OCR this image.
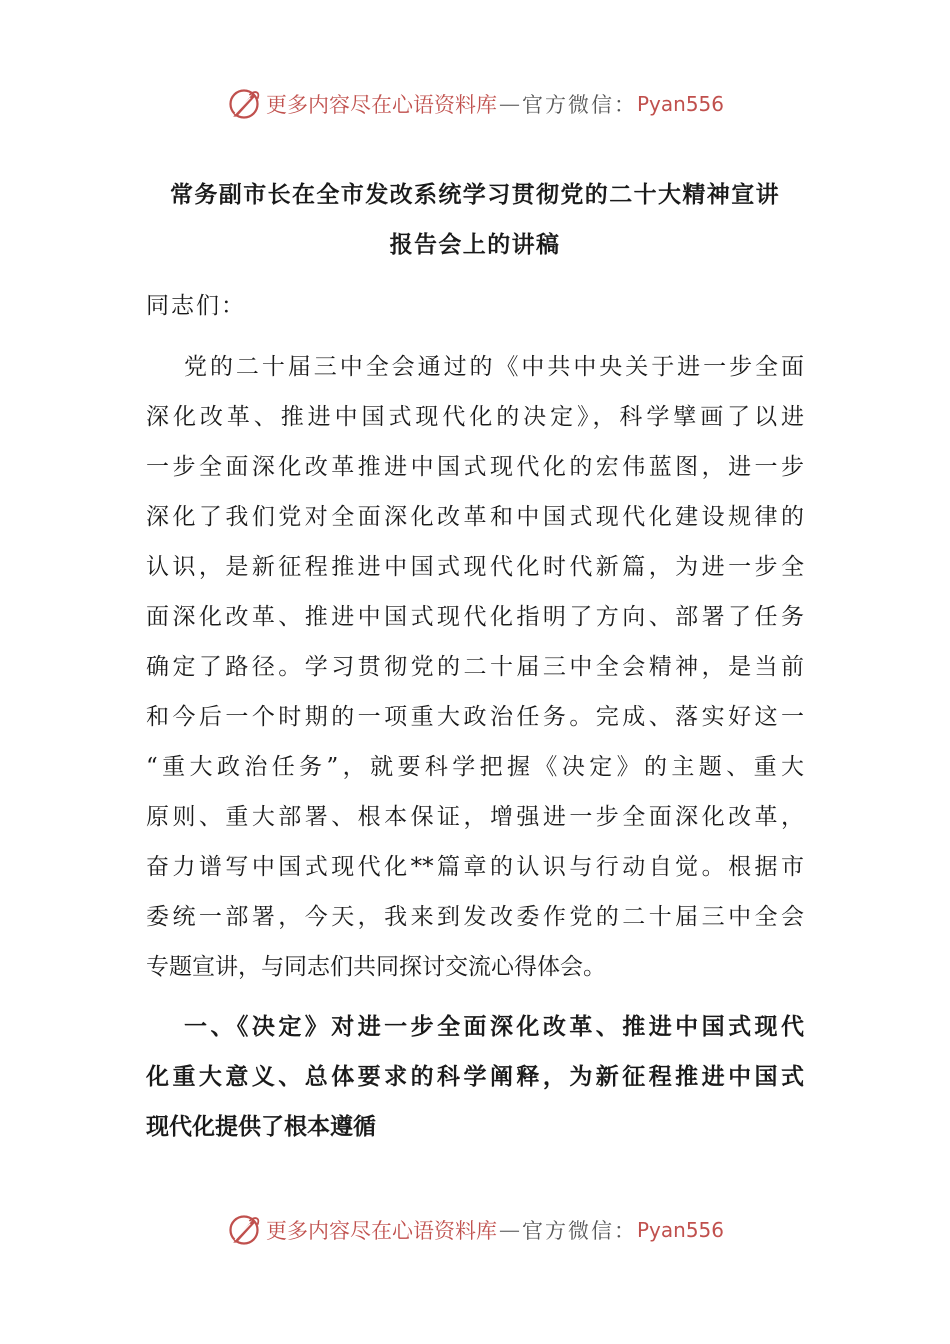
更多内容尽在心语资料库 — 官方微信： Pyan556
常务副市长在全市发改系统学习贯彻党的二十大精神宣讲
报告会上的讲稿
同志们：
党的二十届三中全会通过的《中共中央关于进一步全面
深化改革、推进中国式现代化的决定》，科学擘画了以进
一步全面深化改革推进中国式现代化的宏伟蓝图，进一步
深化了我们党对全面深化改革和中国式现代化建设规律的
认识，是新征程推进中国式现代化时代新篇，为进一步全
面深化改革、推进中国式现代化指明了方向、部署了任务
确定了路径。学习贯彻党的二十届三中全会精神，是当前
和今后一个时期的一项重大政治任务。完成、落实好这一
“重大政治任务”，就要科学把握《决定》的主题、重大
原则、重大部署、根本保证，增强进一步全面深化改革，
奋力谱写中国式现代化**篇章的认识与行动自觉。根据市
委统一部署，今天，我来到发改委作党的二十届三中全会
专题宣讲，与同志们共同探讨交流心得体会。
一、《决定》对进一步全面深化改革、推进中国式现代
化重大意义、总体要求的科学阐释，为新征程推进中国式
现代化提供了根本遵循
更多内容尽在心语资料库 — 官方微信： Pyan556
